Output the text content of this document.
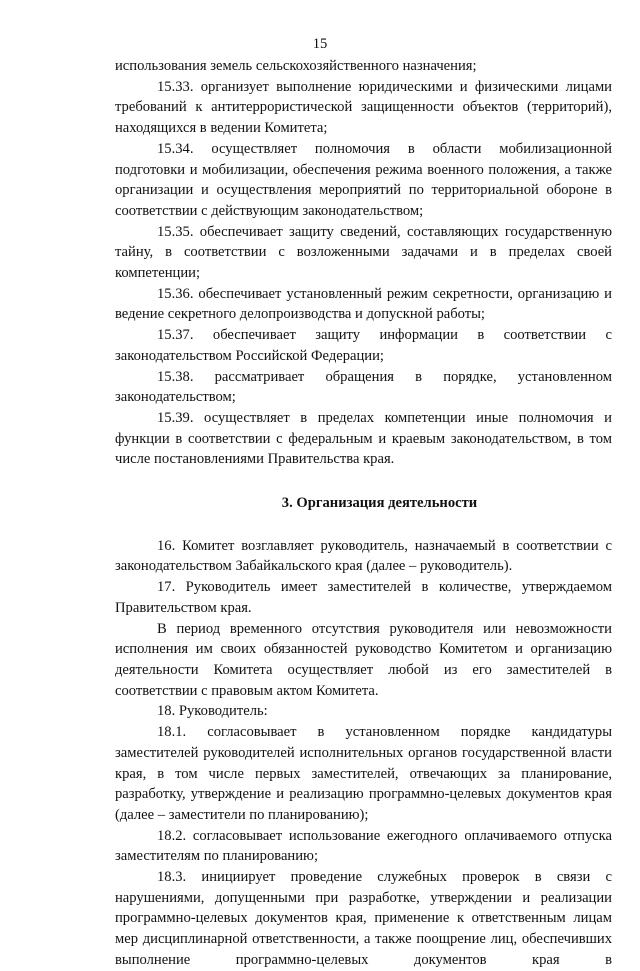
15

использования земель сельскохозяйственного назначения;

15.33. организует выполнение юридическими и физическими лицами требований к антитеррористической защищенности объектов (территорий), находящихся в ведении Комитета;

15.34. осуществляет полномочия в области мобилизационной подготовки и мобилизации, обеспечения режима военного положения, а также организации и осуществления мероприятий по территориальной обороне в соответствии с действующим законодательством;

15.35. обеспечивает защиту сведений, составляющих государственную тайну, в соответствии с возложенными задачами и в пределах своей компетенции;

15.36. обеспечивает установленный режим секретности, организацию и ведение секретного делопроизводства и допускной работы;

15.37. обеспечивает защиту информации в соответствии с законодательством Российской Федерации;

15.38. рассматривает обращения в порядке, установленном законодательством;

15.39. осуществляет в пределах компетенции иные полномочия и функции в соответствии с федеральным и краевым законодательством, в том числе постановлениями Правительства края.

3. Организация деятельности

16. Комитет возглавляет руководитель, назначаемый в соответствии с законодательством Забайкальского края (далее – руководитель).

17. Руководитель имеет заместителей в количестве, утверждаемом Правительством края.

В период временного отсутствия руководителя или невозможности исполнения им своих обязанностей руководство Комитетом и организацию деятельности Комитета осуществляет любой из его заместителей в соответствии с правовым актом Комитета.

18. Руководитель:

18.1. согласовывает в установленном порядке кандидатуры заместителей руководителей исполнительных органов государственной власти края, в том числе первых заместителей, отвечающих за планирование, разработку, утверждение и реализацию программно-целевых документов края (далее – заместители по планированию);

18.2. согласовывает использование ежегодного оплачиваемого отпуска заместителям по планированию;

18.3. инициирует проведение служебных проверок в связи с нарушениями, допущенными при разработке, утверждении и реализации программно-целевых документов края, применение к ответственным лицам мер дисциплинарной ответственности, а также поощрение лиц, обеспечивших выполнение программно-целевых документов края в
